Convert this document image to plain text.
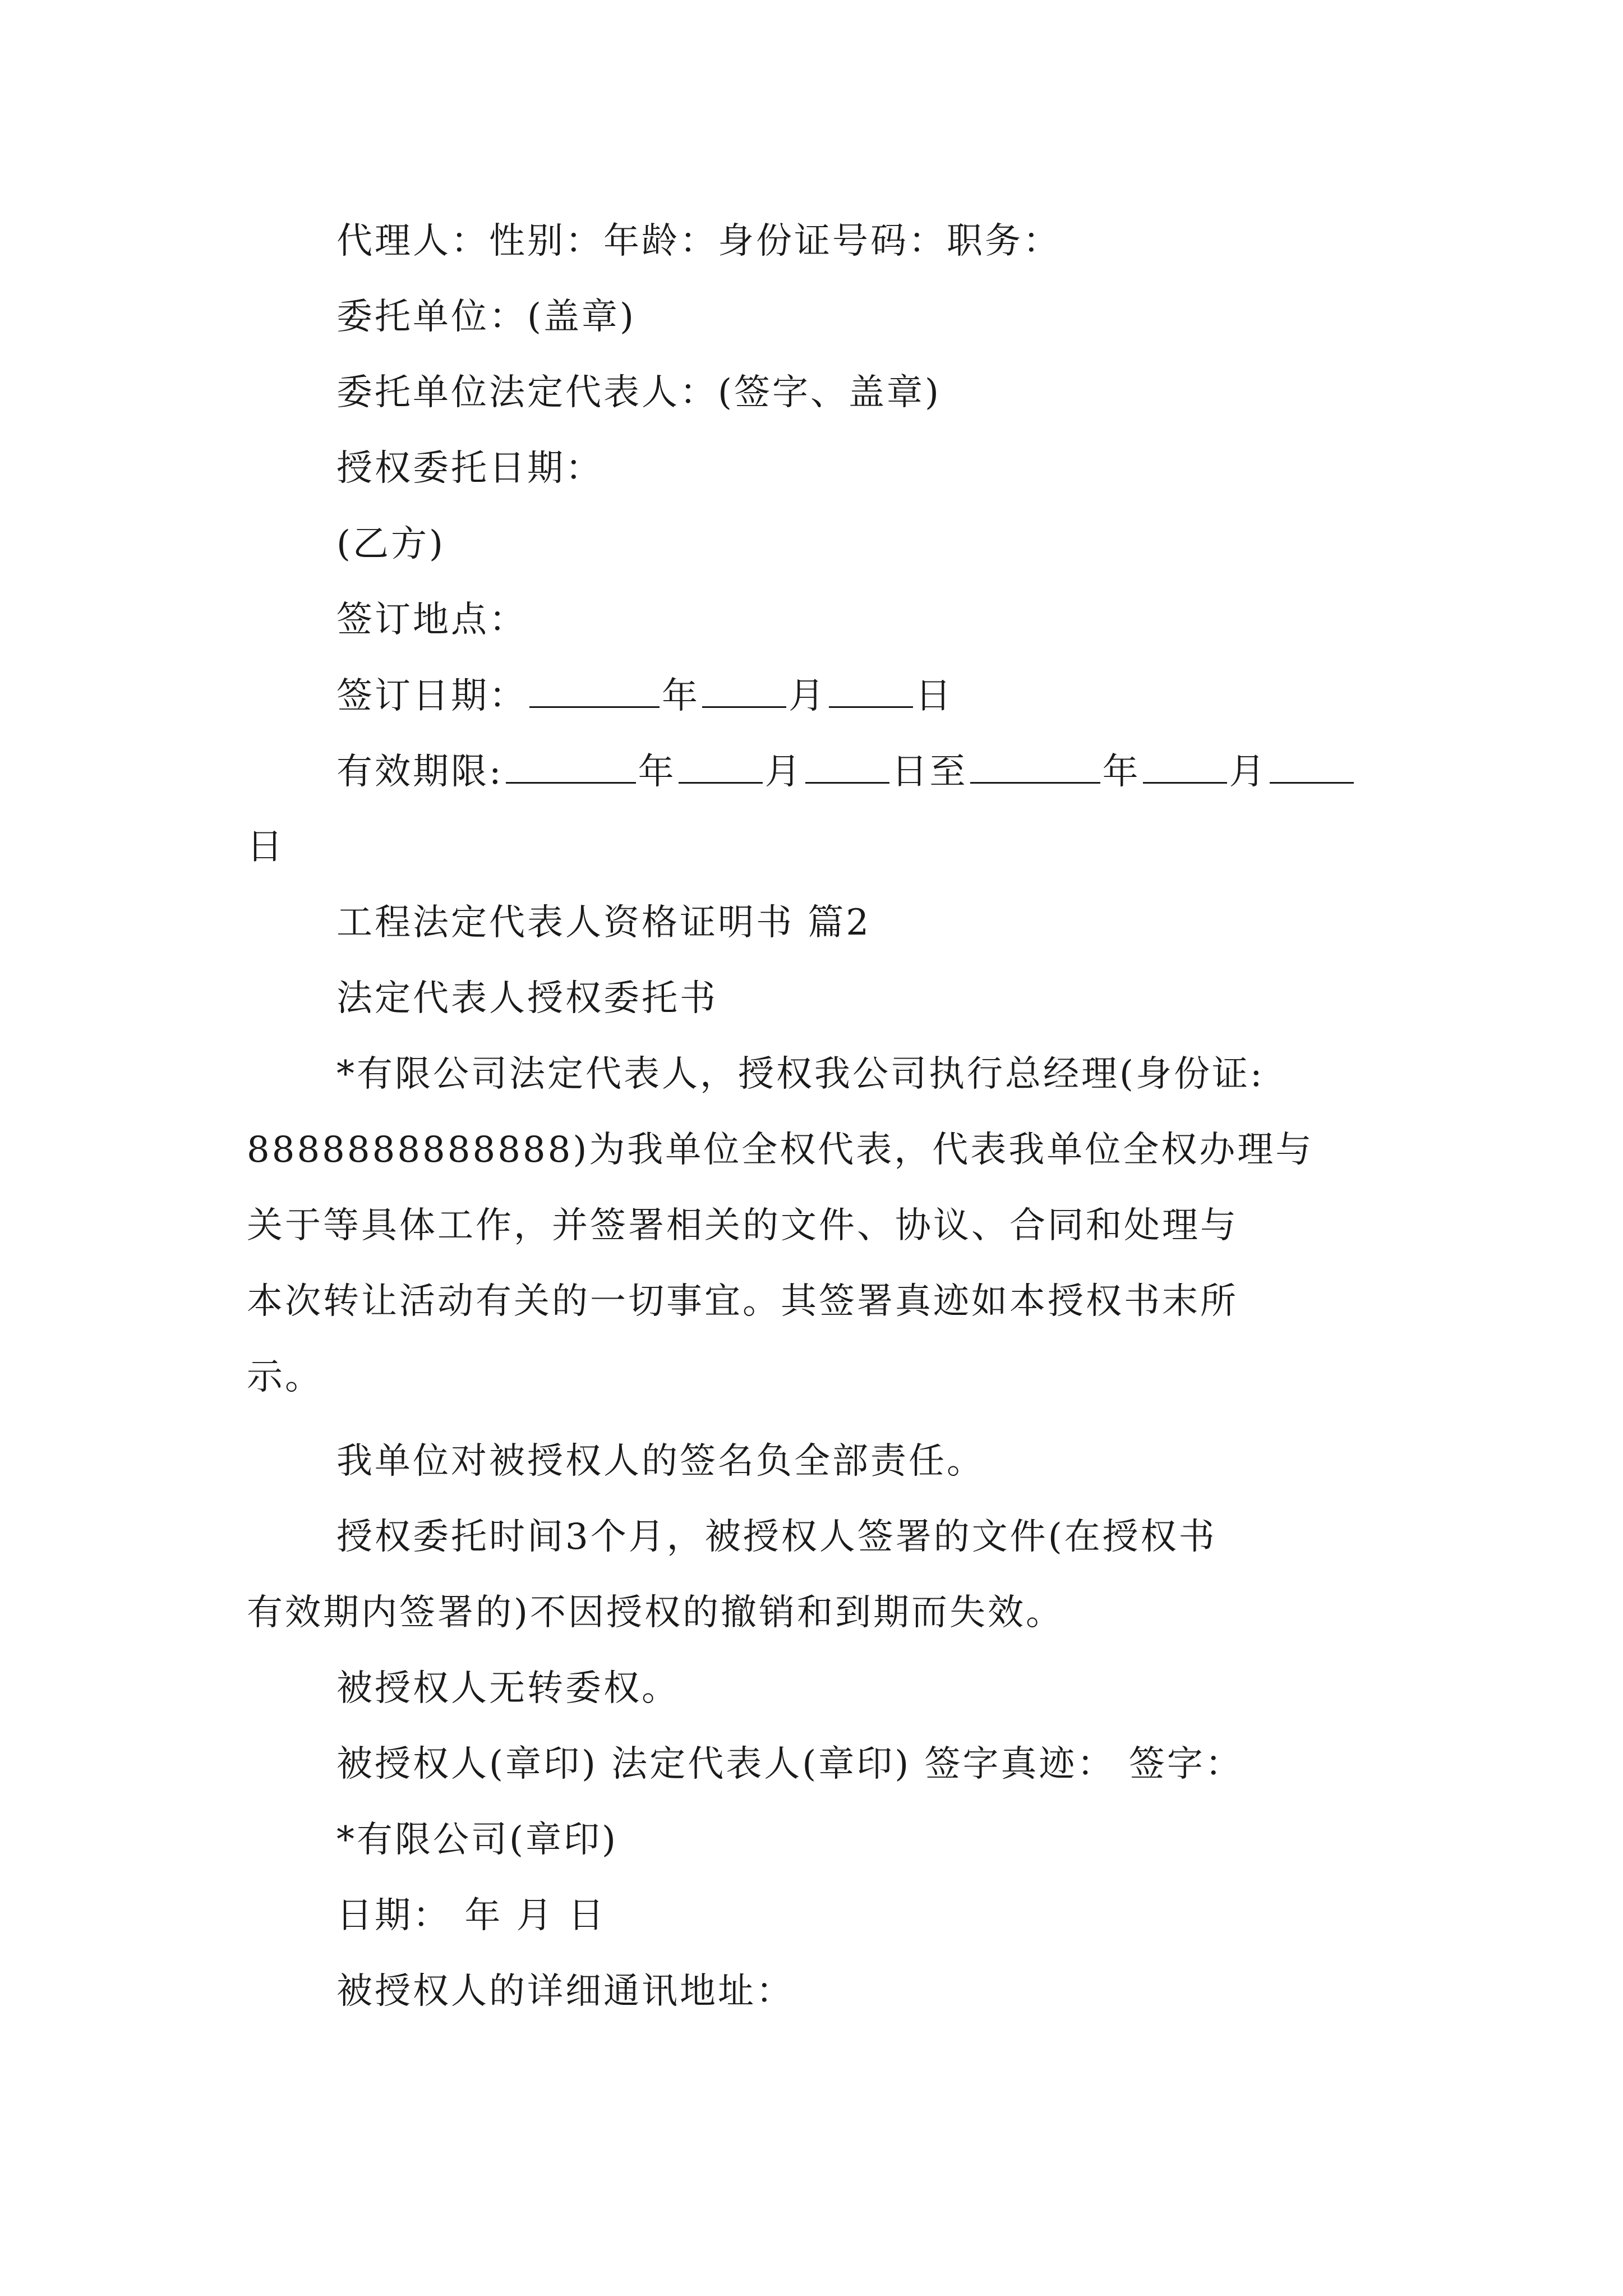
代理人：性别：年龄：身份证号码：职务：

委托单位：(盖章)

委托单位法定代表人：(签字、盖章)

授权委托日期：

(乙方)

签订地点：

签订日期：	年 月 日

有效期限:	年 月 日至	年 月

日

工程法定代表人资格证明书 篇2

法定代表人授权委托书

*有限公司法定代表人，授权我公司执行总经理(身份证:

8888888888888)为我单位全权代表，代表我单位全权办理与

关于等具体工作，并签署相关的文件、协议、合同和处理与

本次转让活动有关的一切事宜。其签署真迹如本授权书末所

示。

我单位对被授权人的签名负全部责任。

授权委托时间3个月，被授权人签署的文件(在授权书

有效期内签署的)不因授权的撤销和到期而失效。

被授权人无转委权。

被授权人(章印) 法定代表人(章印) 签字真迹： 签字：

*有限公司(章印)

日期： 年 月 日

被授权人的详细通讯地址：
